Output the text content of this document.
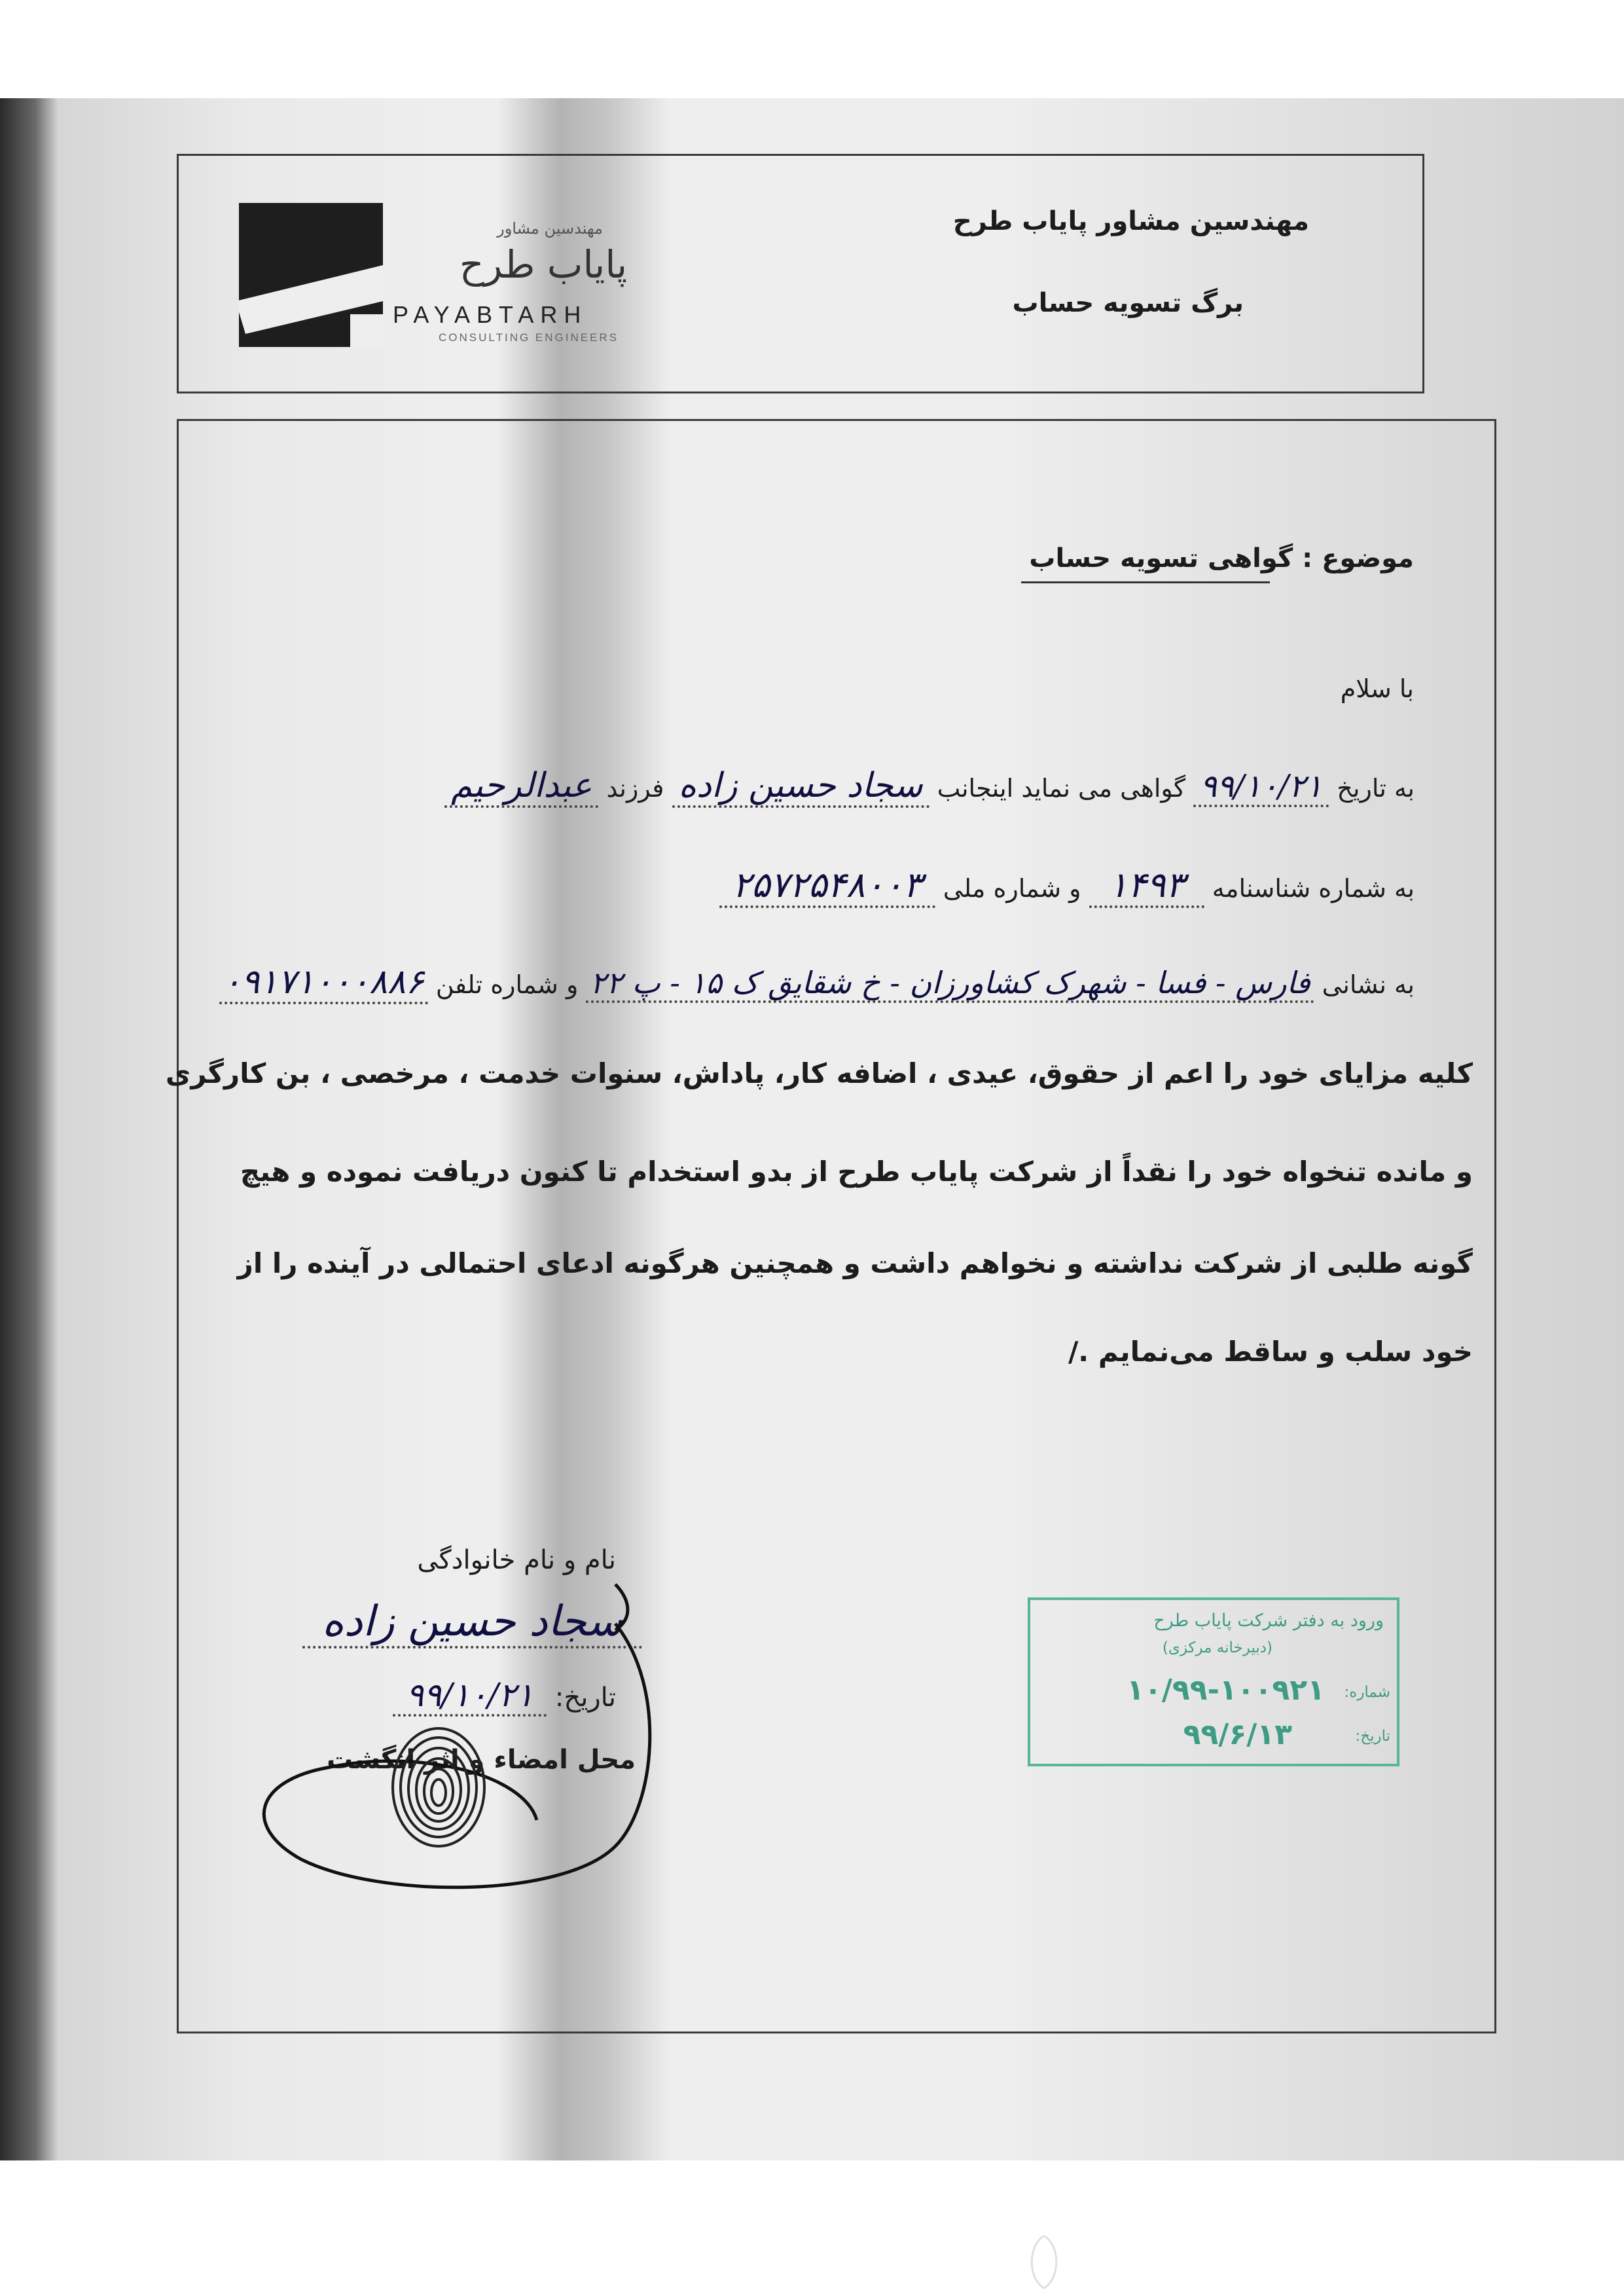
مهندسین مشاور
پایاب طرح
PAYABTARH
CONSULTING ENGINEERS
مهندسین مشاور پایاب طرح
برگ تسویه حساب
موضوع : گواهی تسویه حساب
با سلام
به تاریخ ۹۹/۱۰/۲۱ گواهی می نماید اینجانب سجاد حسین زاده فرزند عبدالرحیم
به شماره شناسنامه ۱۴۹۳ و شماره ملی ۲۵۷۲۵۴۸۰۰۳
به نشانی فارس - فسا - شهرک کشاورزان - خ شقایق ک ۱۵ - پ ۲۲ و شماره تلفن ۰۹۱۷۱۰۰۰۸۸۶
کلیه مزایای خود را اعم از حقوق، عیدی ، اضافه کار، پاداش، سنوات خدمت ، مرخصی ، بن کارگری
و مانده تنخواه خود را نقداً از شرکت پایاب طرح از بدو استخدام تا کنون دریافت نموده و هیچ
گونه طلبی از شرکت نداشته و نخواهم داشت و همچنین هرگونه ادعای احتمالی در آینده را از
خود سلب و ساقط می‌نمایم ./
نام و نام خانوادگی
سجاد حسین زاده
تاریخ: ۹۹/۱۰/۲۱
محل امضاء و اثر انگشت
ورود به دفتر شرکت پایاب طرح
(دبیرخانه مرکزی)
شماره:
۱۰/۹۹-۱۰۰۹۲۱
تاریخ:
۹۹/۶/۱۳
